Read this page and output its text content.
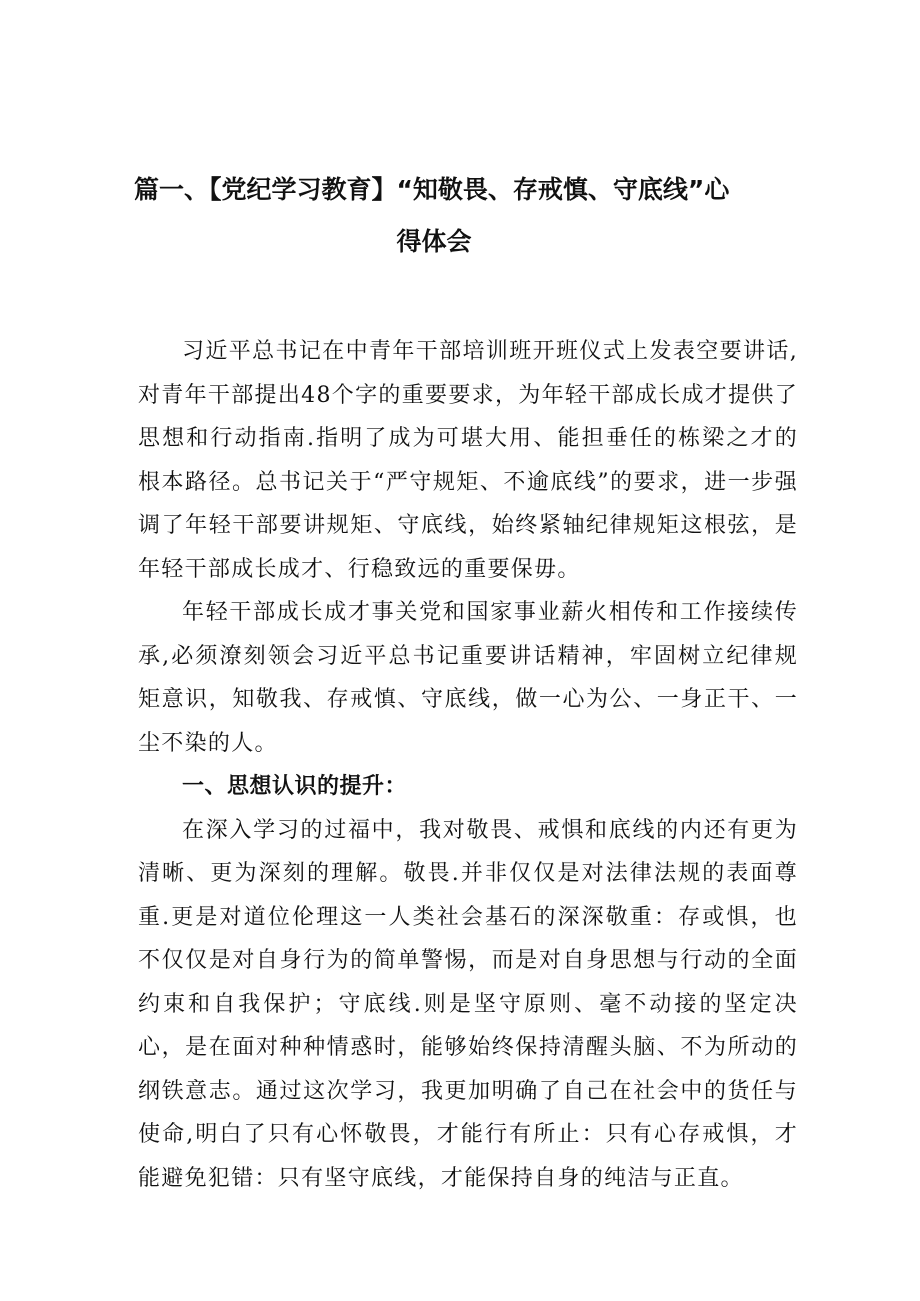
篇一、【党纪学习教育】“知敬畏、存戒慎、守底线”心
得体会

习近平总书记在中青年干部培训班开班仪式上发表空要讲话,对青年干部提出48个字的重要要求，为年轻干部成长成才提供了思想和行动指南.指明了成为可堪大用、能担垂任的栋梁之才的根本路径。总书记关于“严守规矩、不逾底线”的要求，进一步强调了年轻干部要讲规矩、守底线，始终紧轴纪律规矩这根弦，是年轻干部成长成才、行稳致远的重要保毋。

年轻干部成长成才事关党和国家事业薪火相传和工作接续传承,必须潦刻领会习近平总书记重要讲话精神，牢固树立纪律规矩意识，知敬我、存戒慎、守底线，做一心为公、一身正干、一尘不染的人。

一、思想认识的提升：

在深入学习的过福中，我对敬畏、戒惧和底线的内还有更为清晰、更为深刻的理解。敬畏.并非仅仅是对法律法规的表面尊重.更是对道位伦理这一人类社会基石的深深敬重：存或惧，也不仅仅是对自身行为的简单警惕，而是对自身思想与行动的全面约束和自我保护；守底线.则是坚守原则、毫不动接的坚定决心，是在面对种种情惑时，能够始终保持清醒头脑、不为所动的纲铁意志。通过这次学习，我更加明确了自己在社会中的货任与使命,明白了只有心怀敬畏，才能行有所止：只有心存戒惧，才能避免犯错：只有坚守底线，才能保持自身的纯洁与正直。
